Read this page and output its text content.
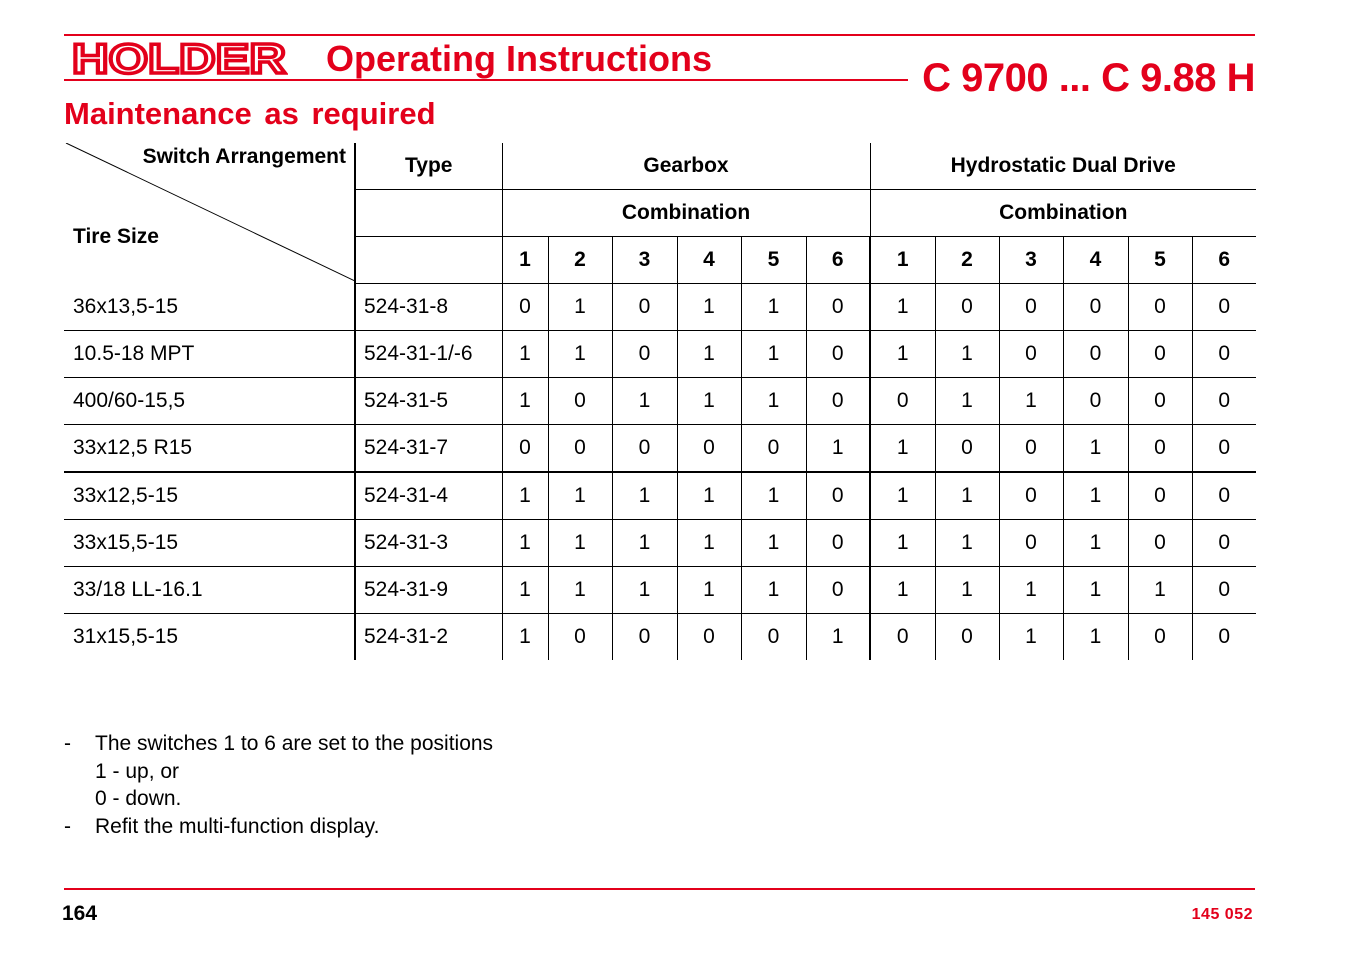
HOLDER Operating Instructions	C 9700 ... C 9.88 H
Maintenance as required
Switch Arrangement
Tire Size	Type	Gearbox						Hydrostatic Dual Drive					
		Combination						Combination					
		1	2	3	4	5	6	1	2	3	4	5	6
36x13,5-15	524-31-8	0	1	0	1	1	0	1	0	0	0	0	0
10.5-18 MPT	524-31-1/-6	1	1	0	1	1	0	1	1	0	0	0	0
400/60-15,5	524-31-5	1	0	1	1	1	0	0	1	1	0	0	0
33x12,5 R15	524-31-7	0	0	0	0	0	1	1	0	0	1	0	0
33x12,5-15	524-31-4	1	1	1	1	1	0	1	1	0	1	0	0
33x15,5-15	524-31-3	1	1	1	1	1	0	1	1	0	1	0	0
33/18 LL-16.1	524-31-9	1	1	1	1	1	0	1	1	1	1	1	0
31x15,5-15	524-31-2	1	0	0	0	0	1	0	0	1	1	0	0
- The switches 1 to 6 are set to the positions
1 - up, or
0 - down.
- Refit the multi-function display.
164	145 052
